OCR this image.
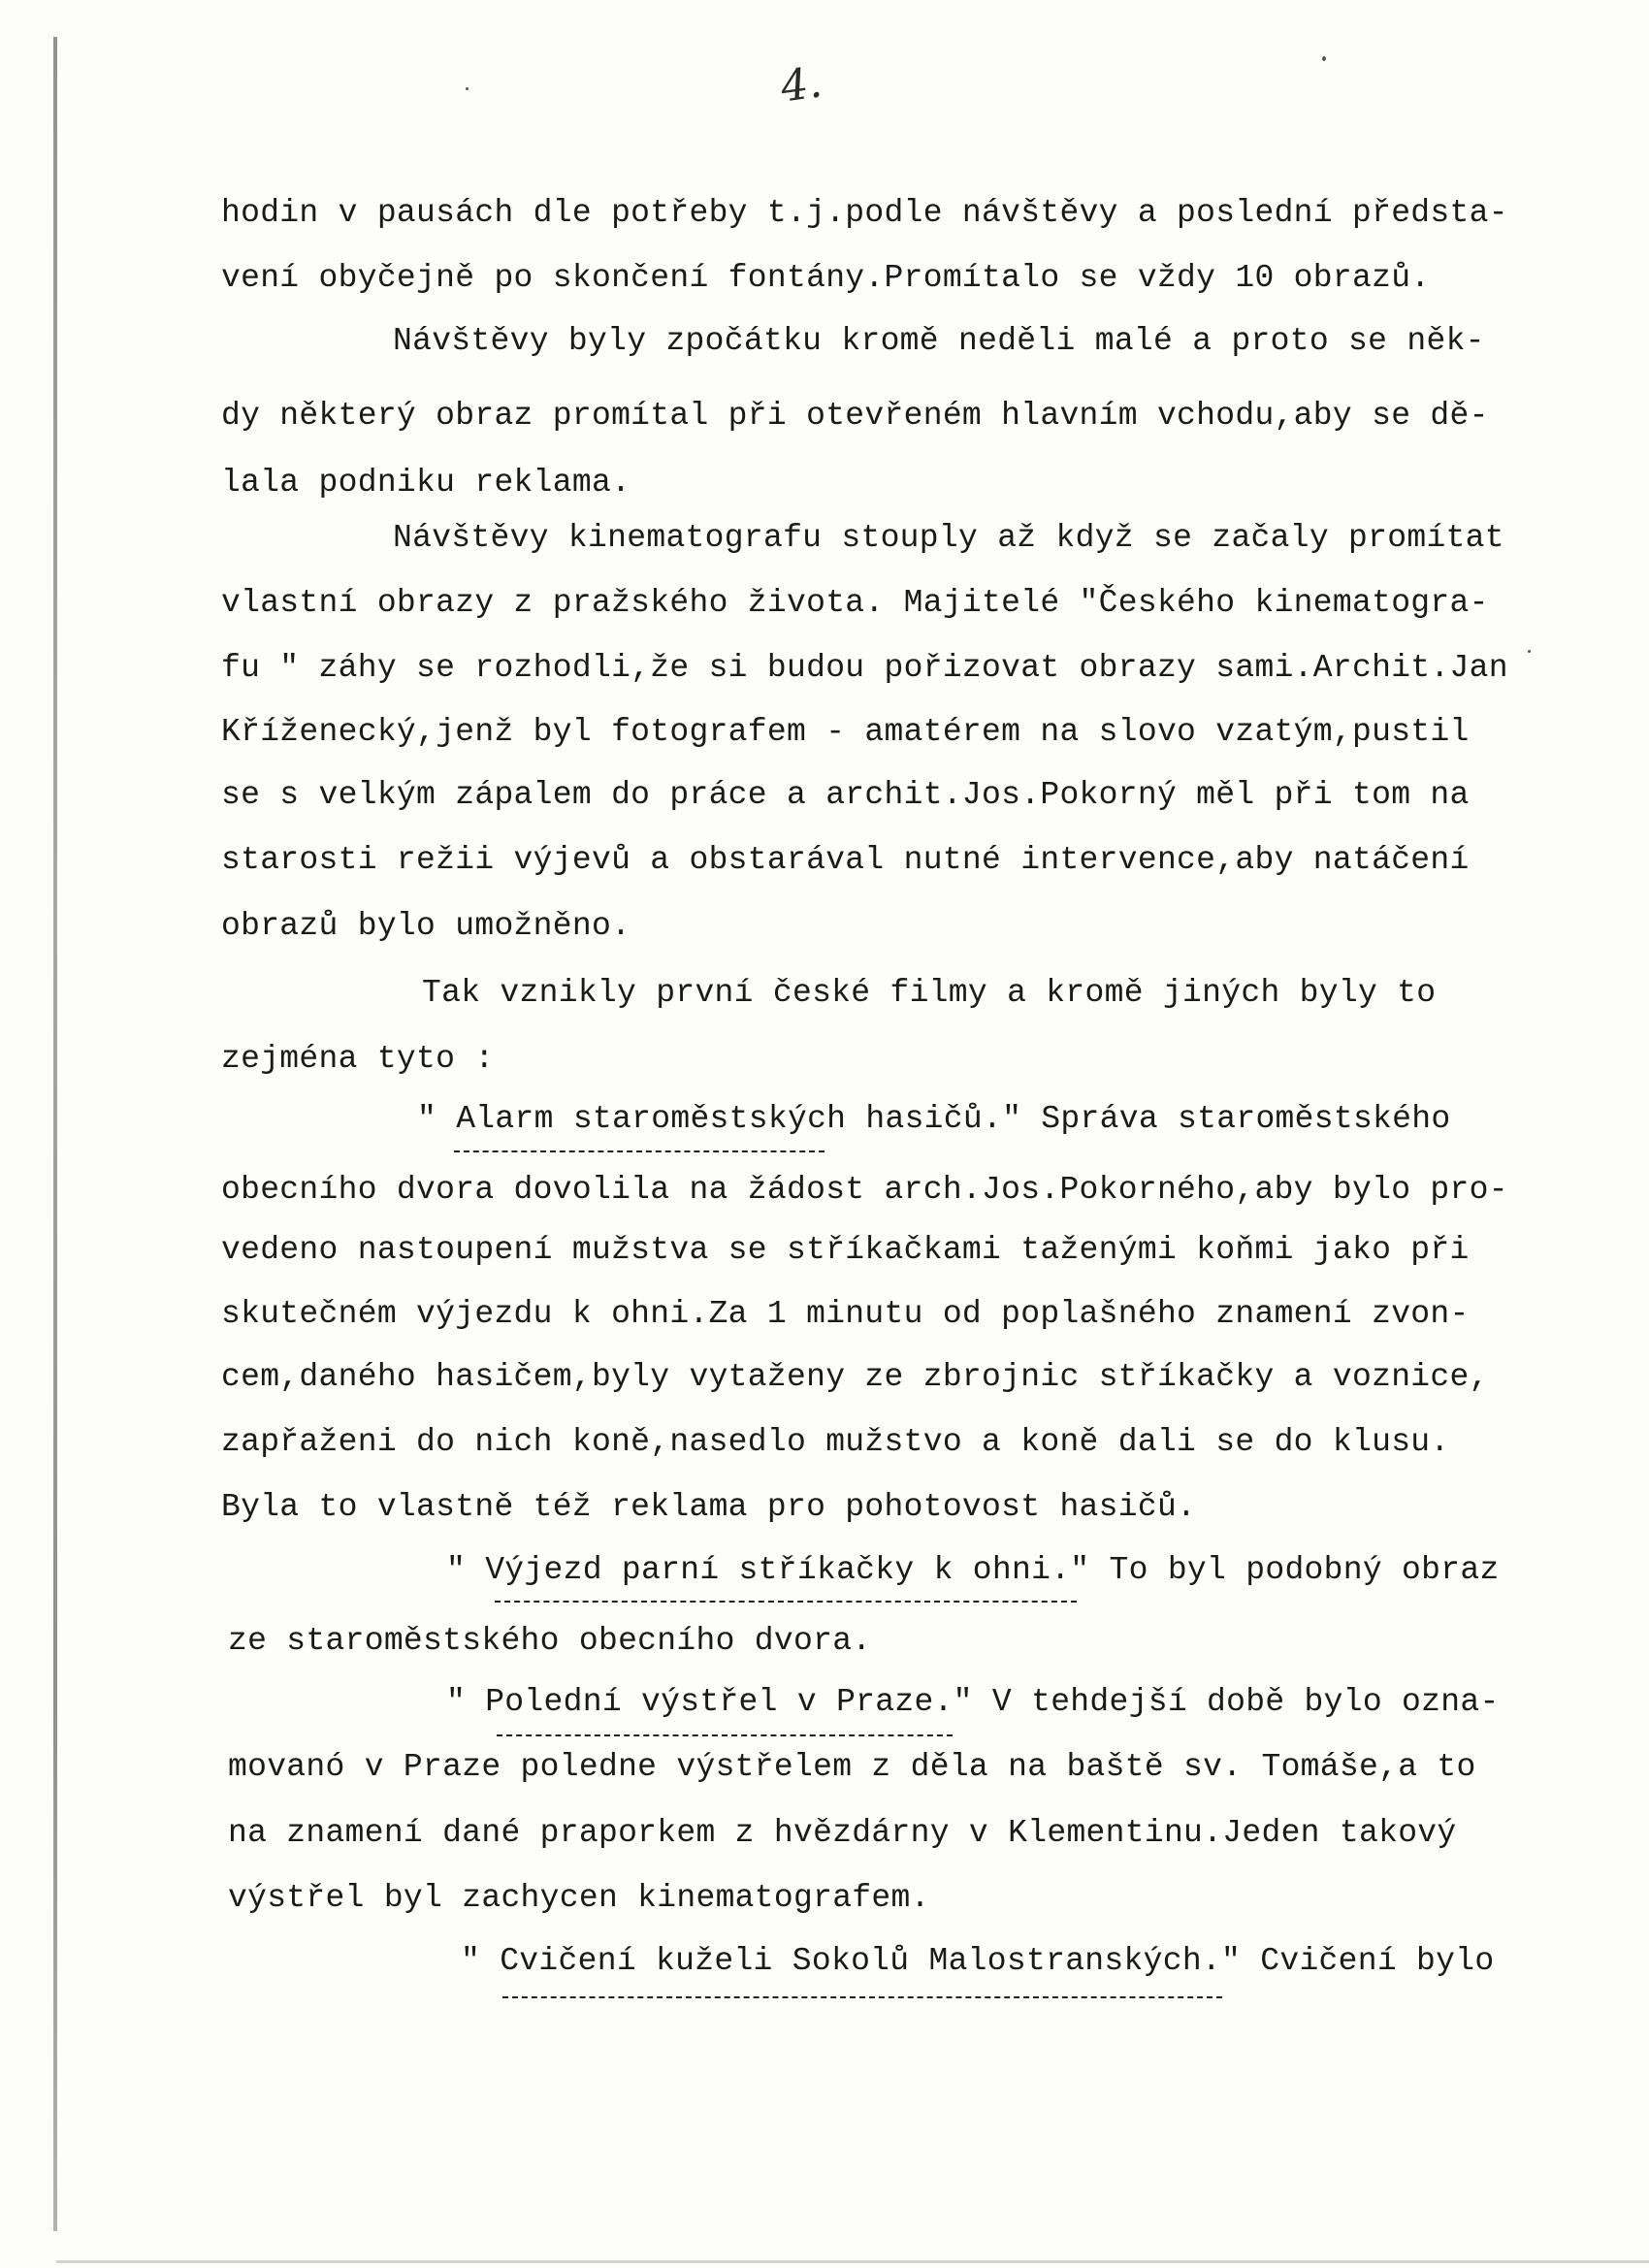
4.
hodin v pausách dle potřeby t.j.podle návštěvy a poslední předsta-
vení obyčejně po skončení fontány.Promítalo se vždy 10 obrazů.
Návštěvy byly zpočátku kromě neděli malé a proto se něk-
dy některý obraz promítal při otevřeném hlavním vchodu,aby se dě-
lala podniku reklama.
Návštěvy kinematografu stouply až když se začaly promítat
vlastní obrazy z pražského života. Majitelé "Českého kinematogra-
fu " záhy se rozhodli,že si budou pořizovat obrazy sami.Archit.Jan
Kříženecký,jenž byl fotografem - amatérem na slovo vzatým,pustil
se s velkým zápalem do práce a archit.Jos.Pokorný měl při tom na
starosti režii výjevů a obstarával nutné intervence,aby natáčení
obrazů bylo umožněno.
Tak vznikly první české filmy a kromě jiných byly to
zejména tyto :
" Alarm staroměstských hasičů." Správa staroměstského
obecního dvora dovolila na žádost arch.Jos.Pokorného,aby bylo pro-
vedeno nastoupení mužstva se stříkačkami taženými koňmi jako při
skutečném výjezdu k ohni.Za 1 minutu od poplašného znamení zvon-
cem,daného hasičem,byly vytaženy ze zbrojnic stříkačky a voznice,
zapřaženi do nich koně,nasedlo mužstvo a koně dali se do klusu.
Byla to vlastně též reklama pro pohotovost hasičů.
" Výjezd parní stříkačky k ohni." To byl podobný obraz
ze staroměstského obecního dvora.
" Polední výstřel v Praze." V tehdejší době bylo ozna-
movanó v Praze poledne výstřelem z děla na baště sv. Tomáše,a to
na znamení dané praporkem z hvězdárny v Klementinu.Jeden takový
výstřel byl zachycen kinematografem.
" Cvičení kuželi Sokolů Malostranských." Cvičení bylo
